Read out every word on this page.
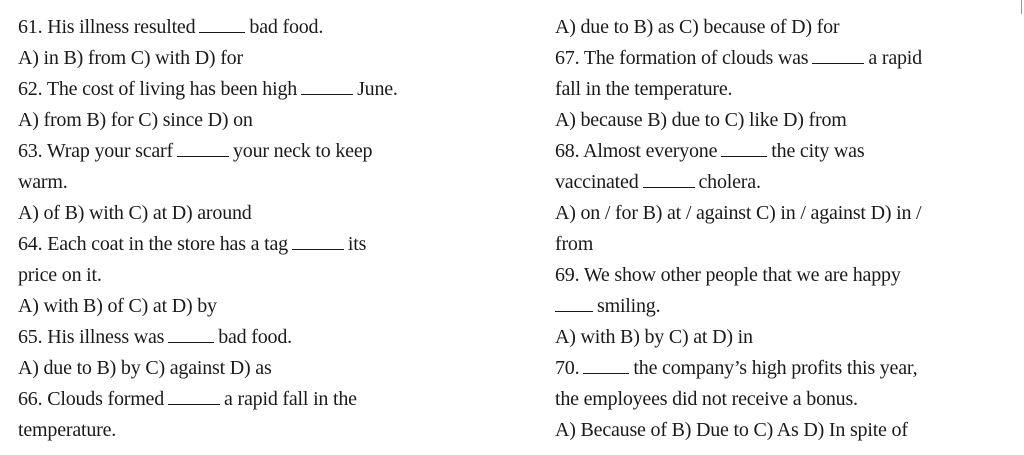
61. His illness resulted	bad food.
A) in B) from C) with D) for
62. The cost of living has been high	June.
A) from B) for C) since D) on
63. Wrap your scarf	your neck to keep
warm.
A) of B) with C) at D) around
64. Each coat in the store has a tag	its
price on it.
A) with B) of C) at D) by
65. His illness was	bad food.
A) due to B) by C) against D) as
66. Clouds formed	a rapid fall in the
temperature.
A) due to B) as C) because of D) for
67. The formation of clouds was	a rapid
fall in the temperature.
A) because B) due to C) like D) from
68. Almost everyone	the city was
vaccinated	cholera.
A) on / for B) at / against C) in / against D) in /
from
69. We show other people that we are happy
smiling.
A) with B) by C) at D) in
70.	the company’s high profits this year,
the employees did not receive a bonus.
A) Because of B) Due to C) As D) In spite of
